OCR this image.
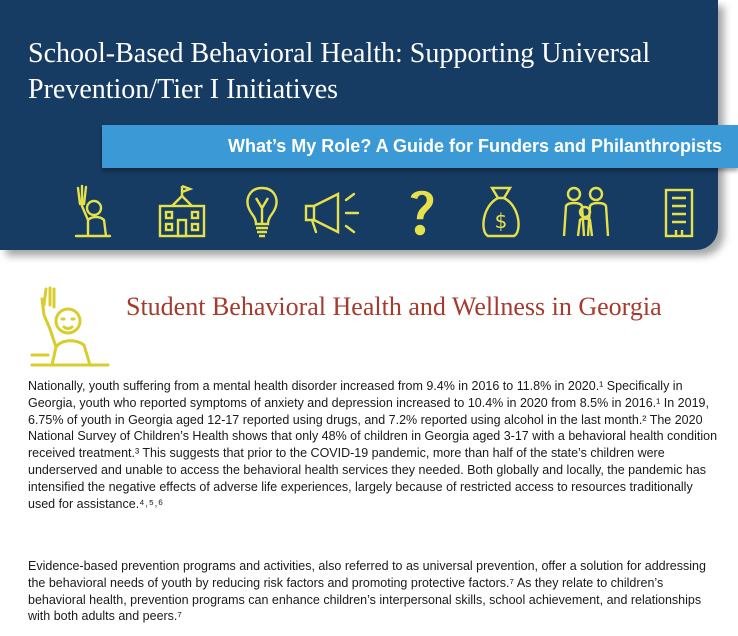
School-Based Behavioral Health: Supporting Universal Prevention/Tier I Initiatives
What’s My Role? A Guide for Funders and Philanthropists
$
Student Behavioral Health and Wellness in Georgia

Nationally, youth suffering from a mental health disorder increased from 9.4% in 2016 to 11.8% in 2020.¹ Specifically in Georgia, youth who reported symptoms of anxiety and depression increased to 10.4% in 2020 from 8.5% in 2016.¹ In 2019, 6.75% of youth in Georgia aged 12-17 reported using drugs, and 7.2% reported using alcohol in the last month.² The 2020 National Survey of Children’s Health shows that only 48% of children in Georgia aged 3-17 with a behavioral health condition received treatment.³ This suggests that prior to the COVID-19 pandemic, more than half of the state’s children were underserved and unable to access the behavioral health services they needed. Both globally and locally, the pandemic has intensified the negative effects of adverse life experiences, largely because of restricted access to resources traditionally used for assistance.⁴˒⁵˒⁶

Evidence-based prevention programs and activities, also referred to as universal prevention, offer a solution for addressing the behavioral needs of youth by reducing risk factors and promoting protective factors.⁷ As they relate to children’s behavioral health, prevention programs can enhance children’s interpersonal skills, school achievement, and relationships with both adults and peers.⁷
